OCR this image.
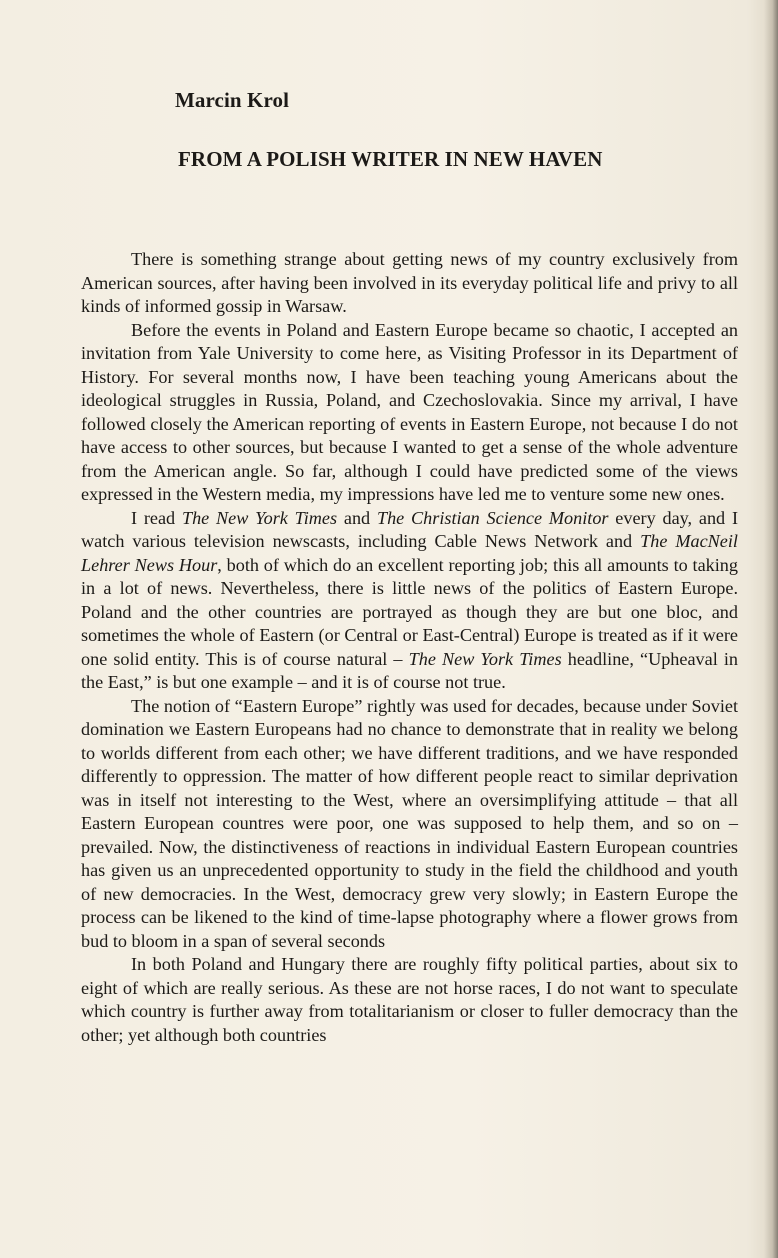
Marcin Krol
FROM A POLISH WRITER IN NEW HAVEN

There is something strange about getting news of my country exclusively from American sources, after having been involved in its everyday political life and privy to all kinds of informed gossip in Warsaw.

Before the events in Poland and Eastern Europe became so chaotic, I accepted an invitation from Yale University to come here, as Visiting Professor in its Department of History. For several months now, I have been teaching young Americans about the ideological struggles in Russia, Poland, and Czechoslovakia. Since my arrival, I have followed closely the American reporting of events in Eastern Europe, not because I do not have access to other sources, but because I wanted to get a sense of the whole adventure from the American angle. So far, although I could have predicted some of the views expressed in the Western media, my impressions have led me to venture some new ones.

I read The New York Times and The Christian Science Monitor every day, and I watch various television newscasts, including Cable News Network and The MacNeil Lehrer News Hour, both of which do an excellent reporting job; this all amounts to taking in a lot of news. Nevertheless, there is little news of the politics of Eastern Europe. Poland and the other countries are portrayed as though they are but one bloc, and sometimes the whole of Eastern (or Central or East-Central) Europe is treated as if it were one solid entity. This is of course natural – The New York Times headline, “Upheaval in the East,” is but one example – and it is of course not true.

The notion of “Eastern Europe” rightly was used for decades, because under Soviet domination we Eastern Europeans had no chance to demonstrate that in reality we belong to worlds different from each other; we have different traditions, and we have responded differently to oppression. The matter of how different people react to similar deprivation was in itself not interesting to the West, where an oversimplifying attitude – that all Eastern European countres were poor, one was supposed to help them, and so on – prevailed. Now, the distinctiveness of reactions in individual Eastern European countries has given us an unprecedented opportunity to study in the field the childhood and youth of new democracies. In the West, democracy grew very slowly; in Eastern Europe the process can be likened to the kind of time-lapse photography where a flower grows from bud to bloom in a span of several seconds

In both Poland and Hungary there are roughly fifty political parties, about six to eight of which are really serious. As these are not horse races, I do not want to speculate which country is further away from totalitarianism or closer to fuller democracy than the other; yet although both countries
